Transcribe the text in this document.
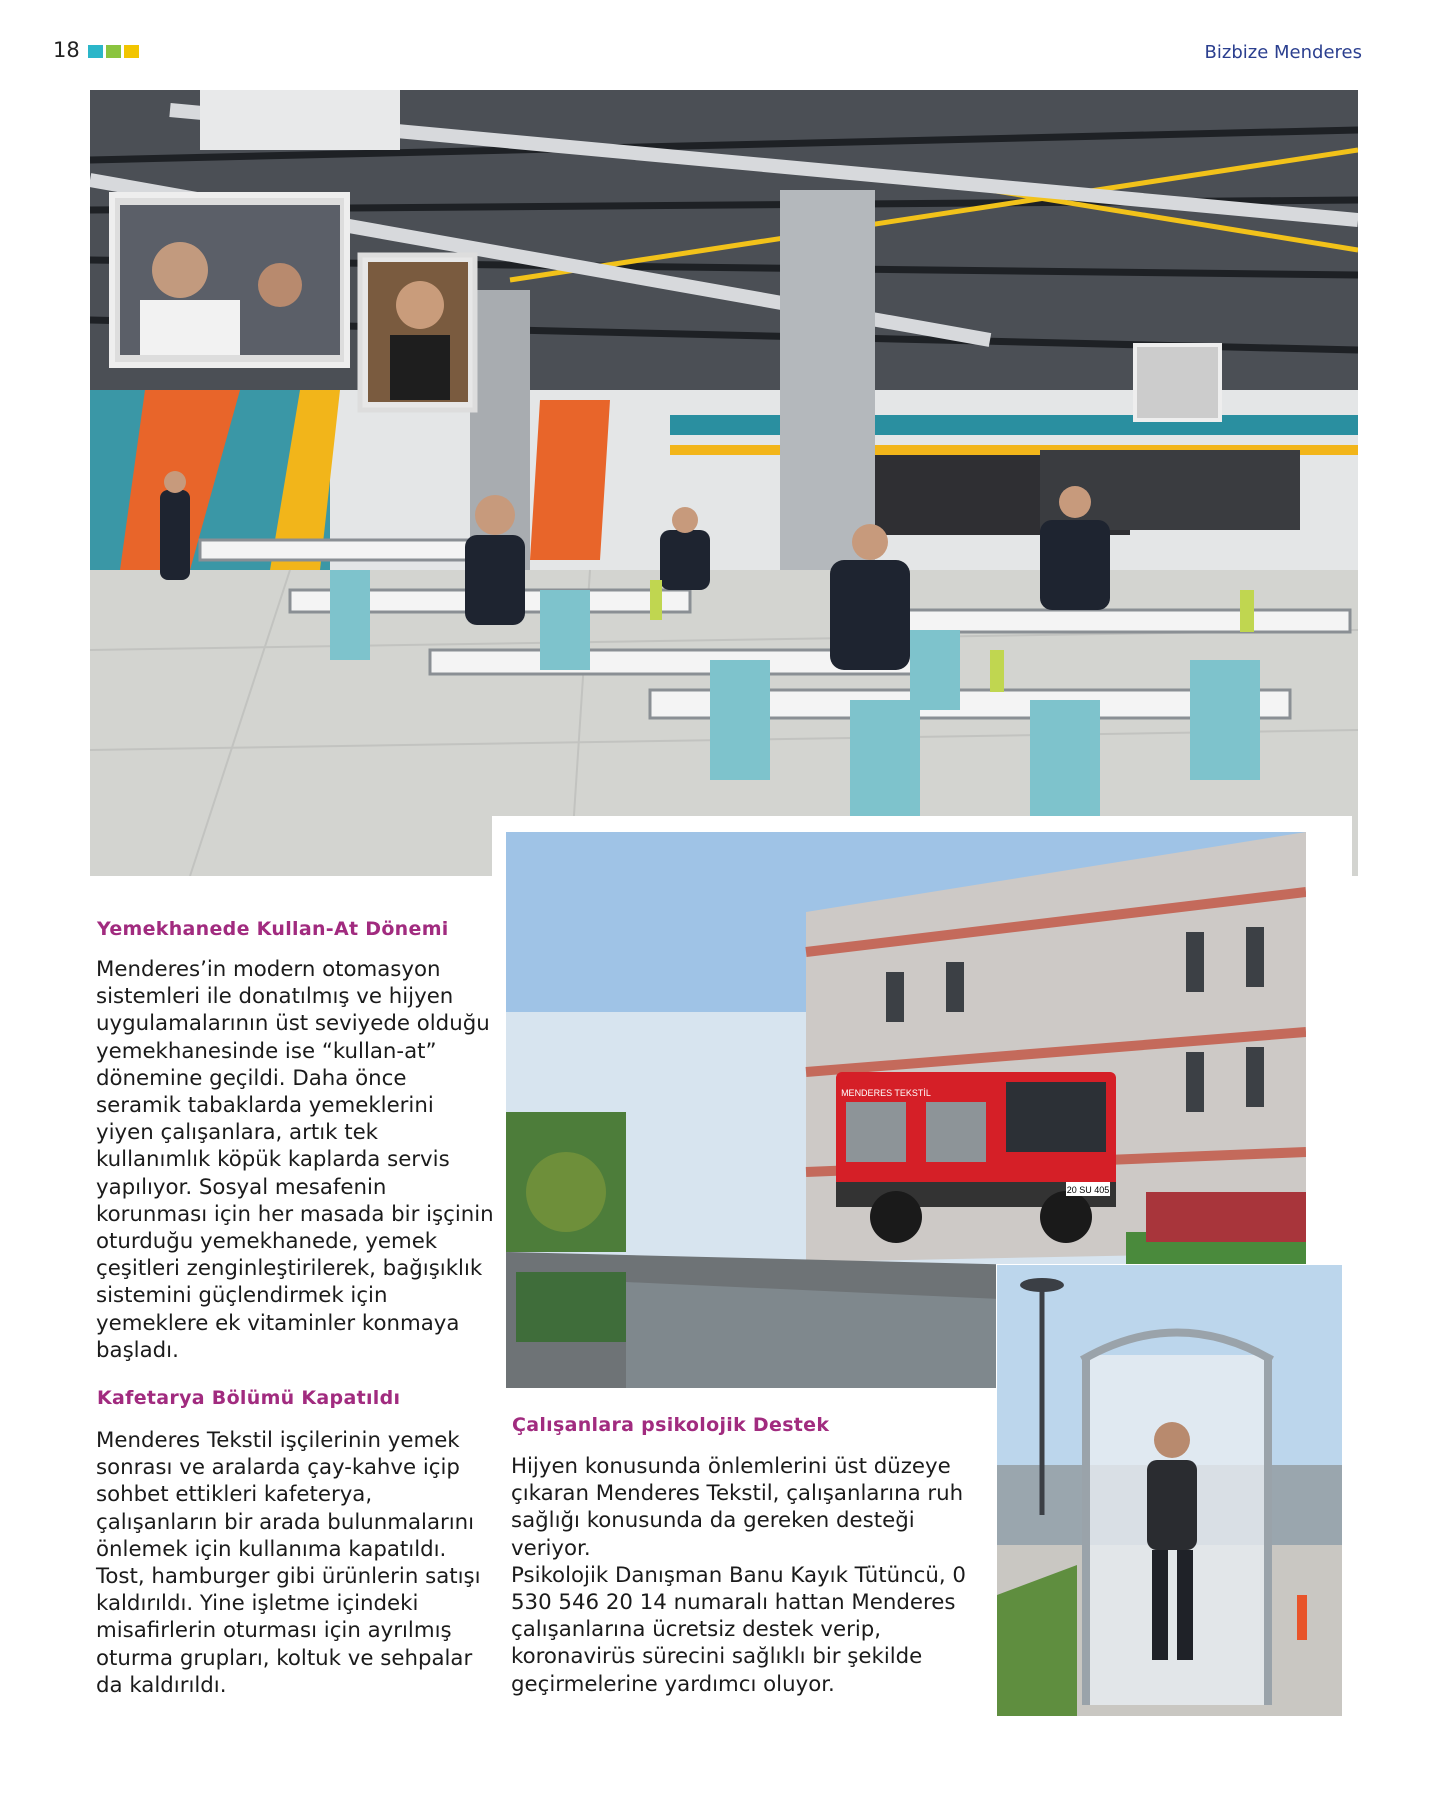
18	Bizbize Menderes
20 SU 405
MENDERES TEKSTİL
Yemekhanede Kullan-At Dönemi
Menderes’in modern otomasyon sistemleri ile donatılmış ve hijyen uygulamalarının üst seviyede olduğu yemekhanesinde ise “kullan-at” dönemine geçildi. Daha önce seramik tabaklarda yemeklerini yiyen çalışanlara, artık tek kullanımlık köpük kaplarda servis yapılıyor. Sosyal mesafenin korunması için her masada bir işçinin oturduğu yemekhanede, yemek çeşitleri zenginleştirilerek, bağışıklık sistemini güçlendirmek için yemeklere ek vitaminler konmaya başladı.
Kafetarya Bölümü Kapatıldı
Menderes Tekstil işçilerinin yemek sonrası ve aralarda çay-kahve içip sohbet ettikleri kafeterya, çalışanların bir arada bulunmalarını önlemek için kullanıma kapatıldı. Tost, hamburger gibi ürünlerin satışı kaldırıldı. Yine işletme içindeki misafirlerin oturması için ayrılmış oturma grupları, koltuk ve sehpalar da kaldırıldı.
Çalışanlara psikolojik Destek
Hijyen konusunda önlemlerini üst düzeye çıkaran Menderes Tekstil, çalışanlarına ruh sağlığı konusunda da gereken desteği veriyor.
Psikolojik Danışman Banu Kayık Tütüncü, 0 530 546 20 14 numaralı hattan Menderes çalışanlarına ücretsiz destek verip, koronavirüs sürecini sağlıklı bir şekilde geçirmelerine yardımcı oluyor.
